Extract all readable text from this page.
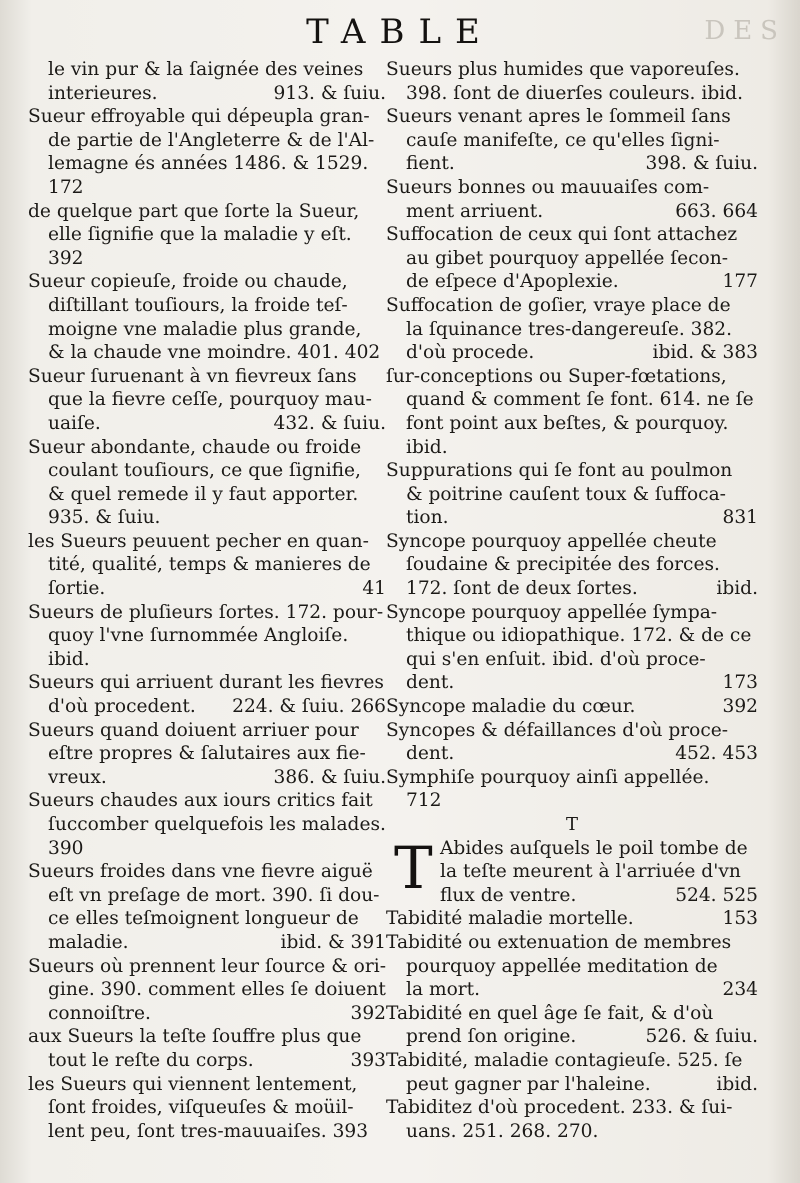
TABLE	DES
le vin pur & la ſaignée des veines
interieures.	913. & ſuiu.
Sueur effroyable qui dépeupla gran-
de partie de l'Angleterre & de l'Al-
lemagne és années 1486. & 1529.
172
de quelque part que ſorte la Sueur,
elle ſignifie que la maladie y eſt.
392
Sueur copieuſe, froide ou chaude,
diſtillant touſiours, la froide teſ-
moigne vne maladie plus grande,
& la chaude vne moindre. 401. 402
Sueur ſuruenant à vn fievreux ſans
que la fievre ceſſe, pourquoy mau-
uaiſe.	432. & ſuiu.
Sueur abondante, chaude ou froide
coulant touſiours, ce que ſignifie,
& quel remede il y faut apporter.
935. & ſuiu.
les Sueurs peuuent pecher en quan-
tité, qualité, temps & manieres de
ſortie.	41
Sueurs de pluſieurs ſortes. 172. pour-
quoy l'vne ſurnommée Angloiſe.
ibid.
Sueurs qui arriuent durant les fievres
d'où procedent.	224. & ſuiu. 266
Sueurs quand doiuent arriuer pour
eſtre propres & ſalutaires aux fie-
vreux.	386. & ſuiu.
Sueurs chaudes aux iours critics fait
ſuccomber quelquefois les malades.
390
Sueurs froides dans vne fievre aiguë
eſt vn preſage de mort. 390. ſi dou-
ce elles teſmoignent longueur de
maladie.	ibid. & 391
Sueurs où prennent leur ſource & ori-
gine. 390. comment elles ſe doiuent
connoiſtre.	392
aux Sueurs la teſte ſouffre plus que
tout le reſte du corps.	393
les Sueurs qui viennent lentement,
ſont froides, viſqueuſes & moüil-
lent peu, ſont tres-mauuaiſes. 393
Sueurs plus humides que vaporeuſes.
398. ſont de diuerſes couleurs. ibid.
Sueurs venant apres le ſommeil ſans
cauſe manifeſte, ce qu'elles ſigni-
fient.	398. & ſuiu.
Sueurs bonnes ou mauuaiſes com-
ment arriuent.	663. 664
Suffocation de ceux qui ſont attachez
au gibet pourquoy appellée ſecon-
de eſpece d'Apoplexie.	177
Suffocation de goſier, vraye place de
la ſquinance tres-dangereuſe. 382.
d'où procede.	ibid. & 383
ſur-conceptions ou Super-fœtations,
quand & comment ſe font. 614. ne ſe
font point aux beſtes, & pourquoy.
ibid.
Suppurations qui ſe font au poulmon
& poitrine cauſent toux & ſuffoca-
tion.	831
Syncope pourquoy appellée cheute
ſoudaine & precipitée des forces.
172. ſont de deux ſortes.	ibid.
Syncope pourquoy appellée ſympa-
thique ou idiopathique. 172. & de ce
qui s'en enſuit. ibid. d'où proce-
dent.	173
Syncope maladie du cœur.	392
Syncopes & défaillances d'où proce-
dent.	452. 453
Symphiſe pourquoy ainſi appellée.
712
T
T Abides auſquels le poil tombe de
la teſte meurent à l'arriuée d'vn
flux de ventre.	524. 525
Tabidité maladie mortelle.	153
Tabidité ou extenuation de membres
pourquoy appellée meditation de
la mort.	234
Tabidité en quel âge ſe fait, & d'où
prend ſon origine.	526. & ſuiu.
Tabidité, maladie contagieuſe. 525. ſe
peut gagner par l'haleine.	ibid.
Tabiditez d'où procedent. 233. & ſui-
uans. 251. 268. 270.
